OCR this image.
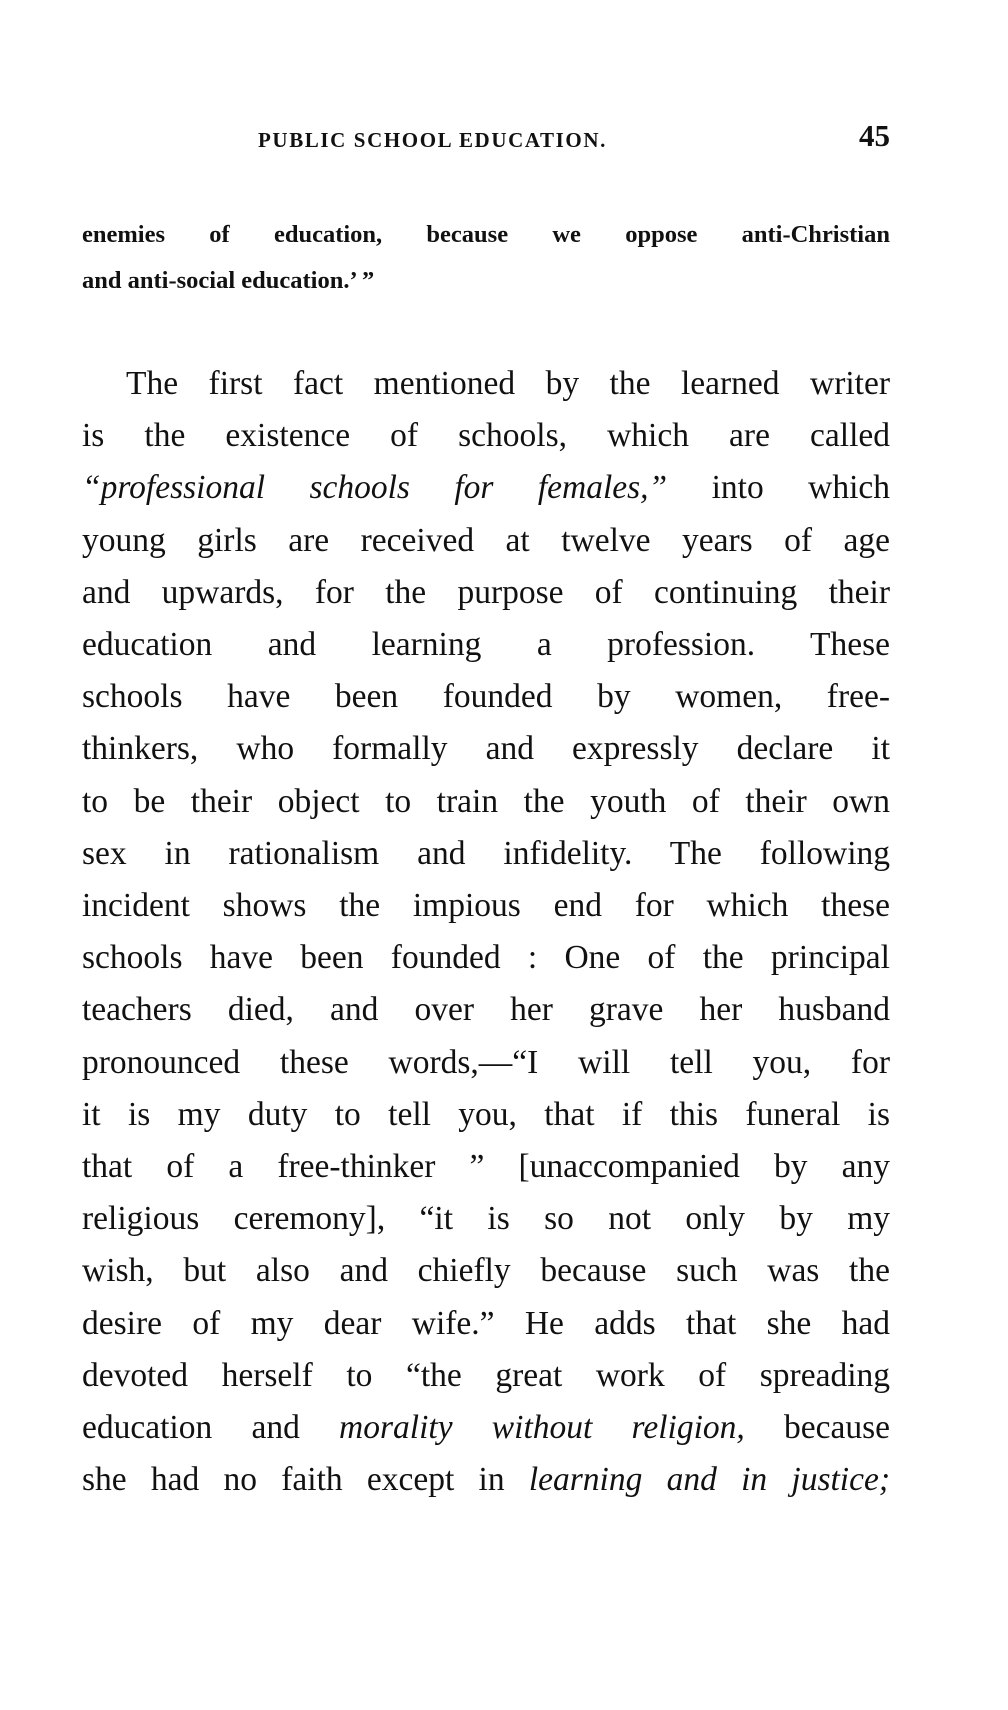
PUBLIC SCHOOL EDUCATION.	45
enemies of education, because we oppose anti-Christian
and anti-social education.’ ”
The first fact mentioned by the learned writer
is the existence of schools, which are called
“professional schools for females,” into which
young girls are received at twelve years of age
and upwards, for the purpose of continuing their
education and learning a profession. These
schools have been founded by women, free-
thinkers, who formally and expressly declare it
to be their object to train the youth of their own
sex in rationalism and infidelity. The following
incident shows the impious end for which these
schools have been founded : One of the principal
teachers died, and over her grave her husband
pronounced these words,—“I will tell you, for
it is my duty to tell you, that if this funeral is
that of a free-thinker ” [unaccompanied by any
religious ceremony], “it is so not only by my
wish, but also and chiefly because such was the
desire of my dear wife.” He adds that she had
devoted herself to “the great work of spreading
education and morality without religion, because
she had no faith except in learning and in justice;
